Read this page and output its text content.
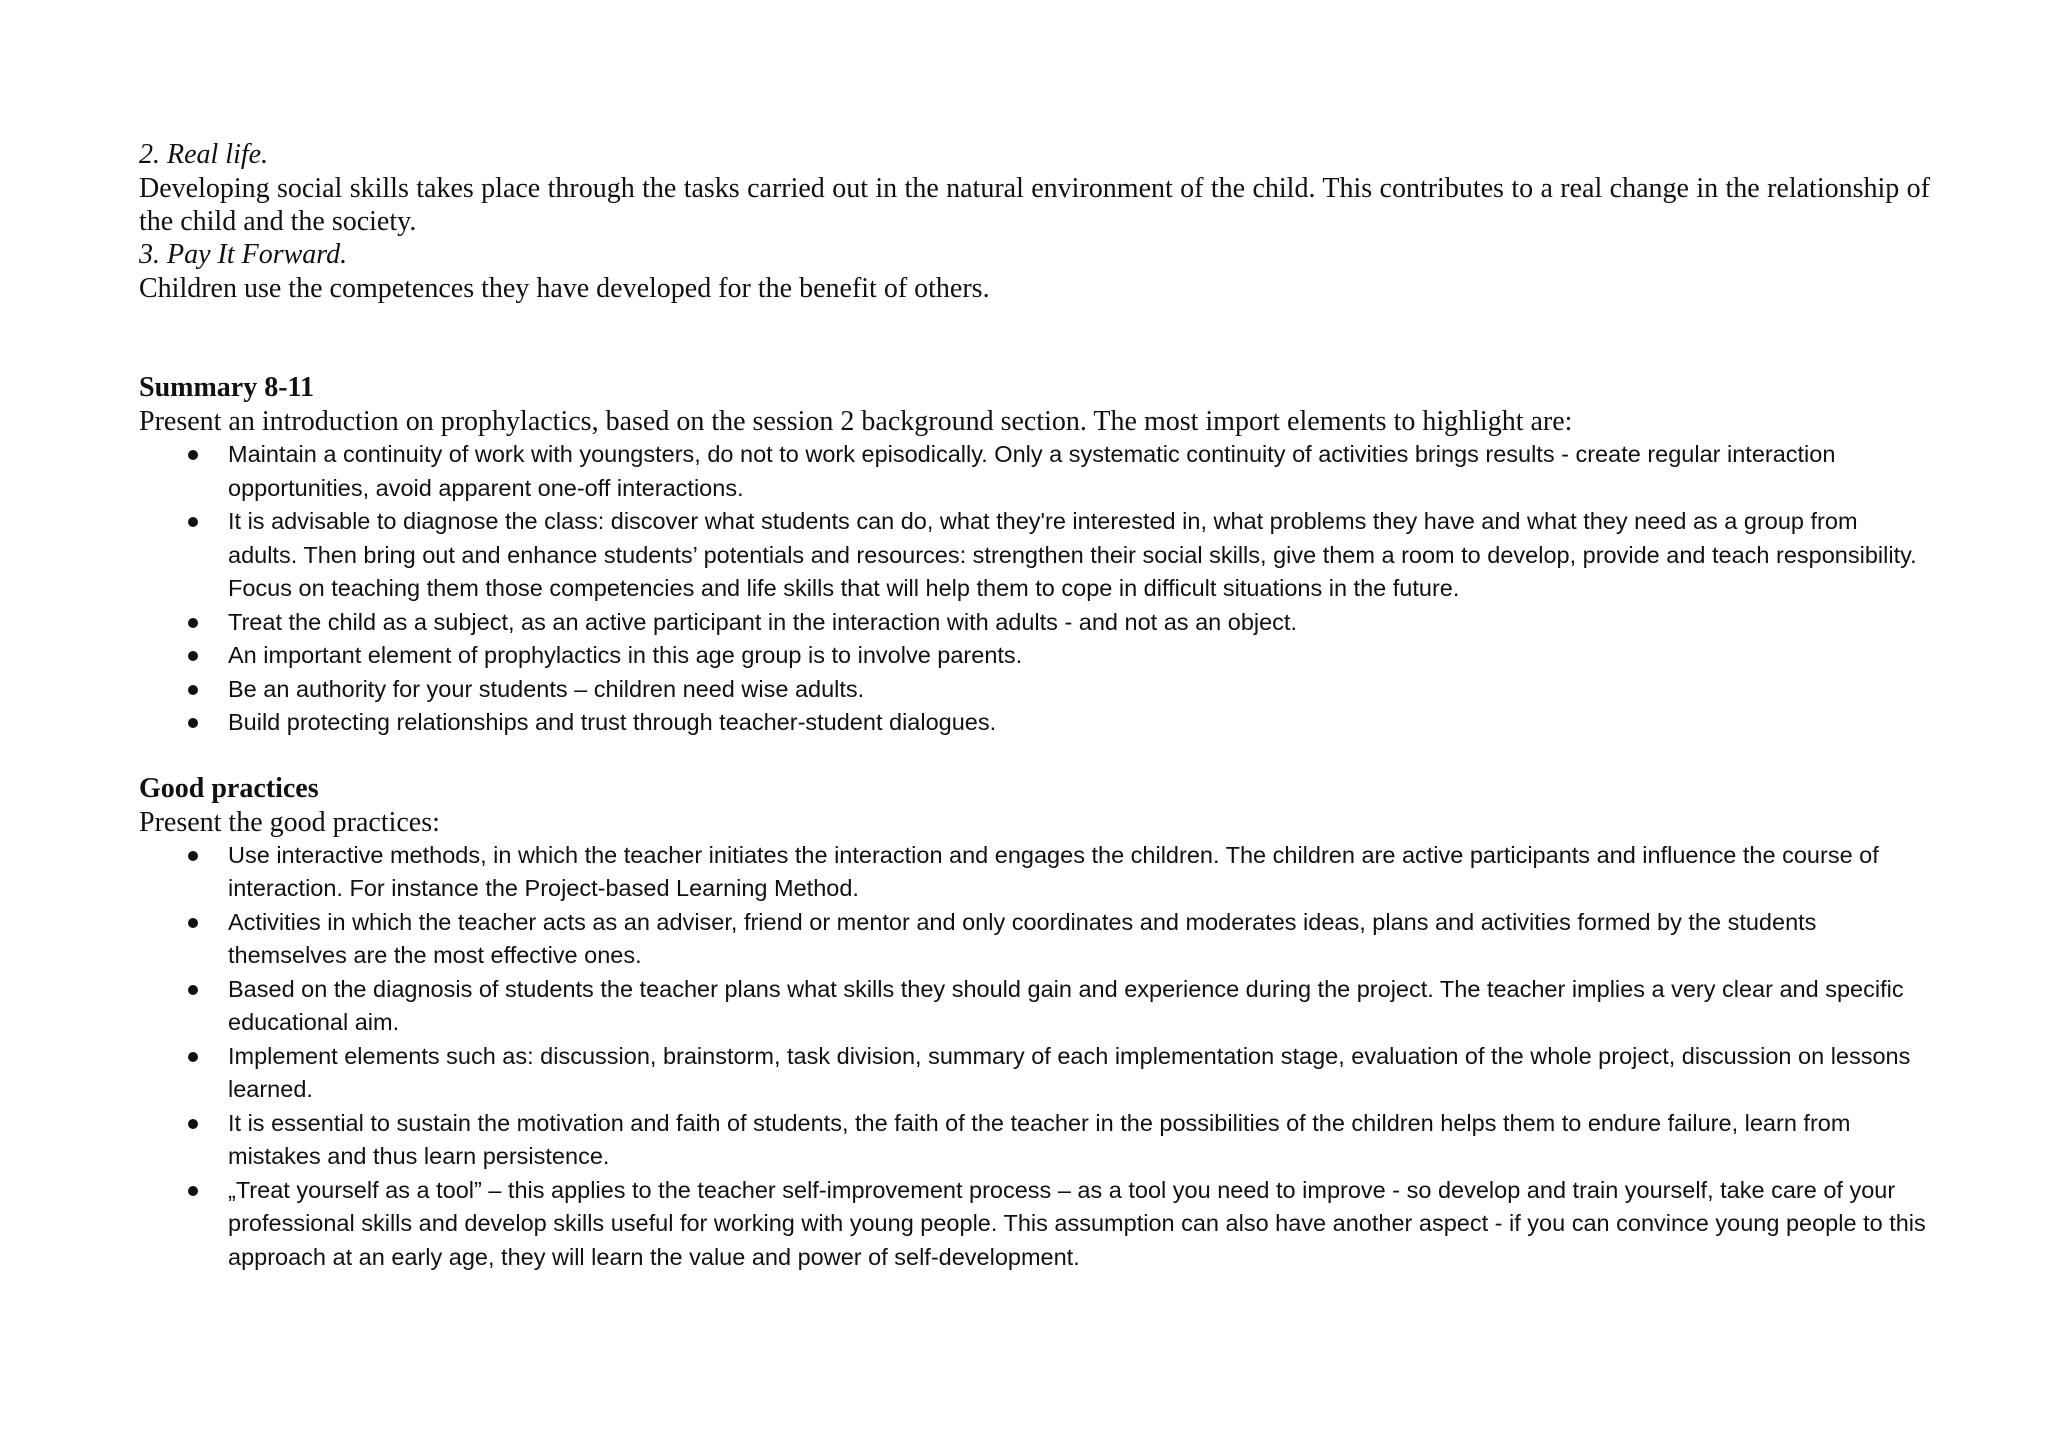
2. Real life.

Developing social skills takes place through the tasks carried out in the natural environment of the child. This contributes to a real change in the relationship of the child and the society.

3. Pay It Forward.

Children use the competences they have developed for the benefit of others.

Summary 8-11

Present an introduction on prophylactics, based on the session 2 background section. The most import elements to highlight are:

Maintain a continuity of work with youngsters, do not to work episodically. Only a systematic continuity of activities brings results - create regular interaction opportunities, avoid apparent one-off interactions.
It is advisable to diagnose the class: discover what students can do, what they're interested in, what problems they have and what they need as a group from adults. Then bring out and enhance students’ potentials and resources: strengthen their social skills, give them a room to develop, provide and teach responsibility. Focus on teaching them those competencies and life skills that will help them to cope in difficult situations in the future.
Treat the child as a subject, as an active participant in the interaction with adults - and not as an object.
An important element of prophylactics in this age group is to involve parents.
Be an authority for your students – children need wise adults.
Build protecting relationships and trust through teacher-student dialogues.

Good practices

Present the good practices:

Use interactive methods, in which the teacher initiates the interaction and engages the children. The children are active participants and influence the course of interaction. For instance the Project-based Learning Method.
Activities in which the teacher acts as an adviser, friend or mentor and only coordinates and moderates ideas, plans and activities formed by the students themselves are the most effective ones.
Based on the diagnosis of students the teacher plans what skills they should gain and experience during the project. The teacher implies a very clear and specific educational aim.
Implement elements such as: discussion, brainstorm, task division, summary of each implementation stage, evaluation of the whole project, discussion on lessons learned.
It is essential to sustain the motivation and faith of students, the faith of the teacher in the possibilities of the children helps them to endure failure, learn from mistakes and thus learn persistence.
„Treat yourself as a tool” – this applies to the teacher self-improvement process – as a tool you need to improve - so develop and train yourself, take care of your professional skills and develop skills useful for working with young people. This assumption can also have another aspect - if you can convince young people to this approach at an early age, they will learn the value and power of self-development.
